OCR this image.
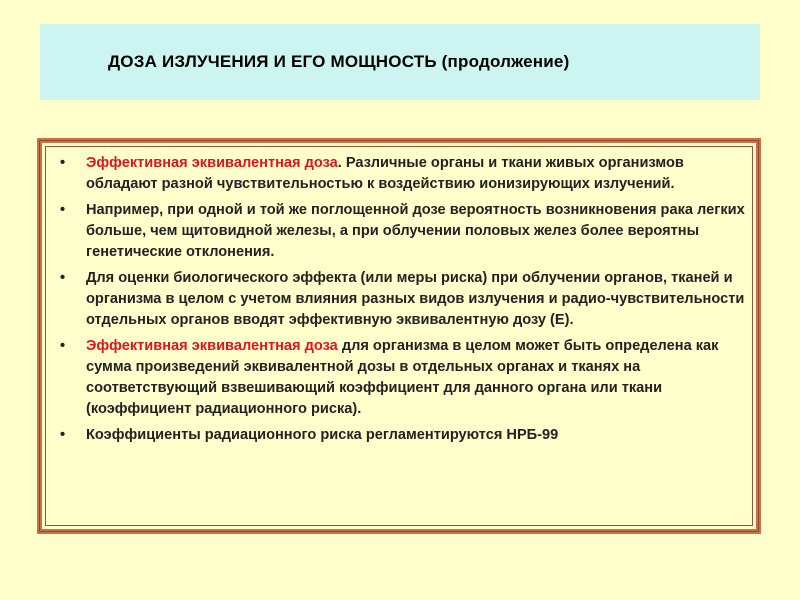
ДОЗА ИЗЛУЧЕНИЯ И ЕГО МОЩНОСТЬ (продолжение)
• Эффективная эквивалентная доза. Различные органы и ткани живых организмов обладают разной чувствительностью к воздействию ионизирующих излучений.
• Например, при одной и той же поглощенной дозе вероятность возникновения рака легких больше, чем щитовидной железы, а при облучении половых желез более вероятны генетические отклонения.
• Для оценки биологического эффекта (или меры риска) при облучении органов, тканей и организма в целом с учетом влияния разных видов излучения и радио-чувствительности отдельных органов вводят эффективную эквивалентную дозу (Е).
• Эффективная эквивалентная доза для организма в целом может быть определена как сумма произведений эквивалентной дозы в отдельных органах и тканях на соответствующий взвешивающий коэффициент для данного органа или ткани (коэффициент радиационного риска).
• Коэффициенты радиационного риска регламентируются НРБ-99
